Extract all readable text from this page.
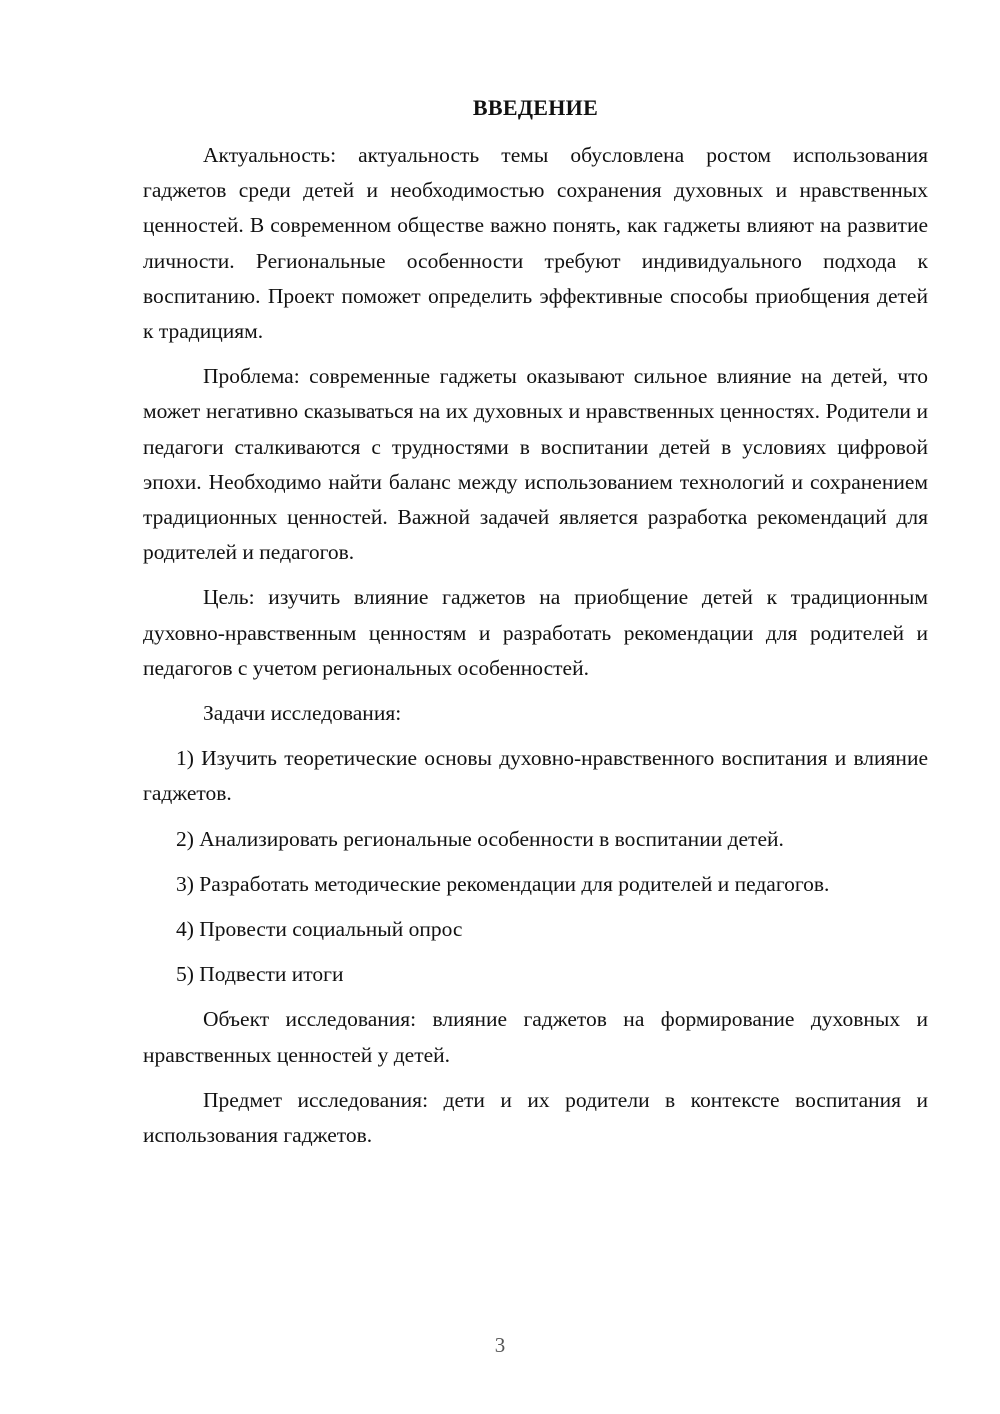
ВВЕДЕНИЕ

Актуальность: актуальность темы обусловлена ростом использования гаджетов среди детей и необходимостью сохранения духовных и нравственных ценностей. В современном обществе важно понять, как гаджеты влияют на развитие личности. Региональные особенности требуют индивидуального подхода к воспитанию. Проект поможет определить эффективные способы приобщения детей к традициям.

Проблема: современные гаджеты оказывают сильное влияние на детей, что может негативно сказываться на их духовных и нравственных ценностях. Родители и педагоги сталкиваются с трудностями в воспитании детей в условиях цифровой эпохи. Необходимо найти баланс между использованием технологий и сохранением традиционных ценностей. Важной задачей является разработка рекомендаций для родителей и педагогов.

Цель: изучить влияние гаджетов на приобщение детей к традиционным духовно-нравственным ценностям и разработать рекомендации для родителей и педагогов с учетом региональных особенностей.

Задачи исследования:

1) Изучить теоретические основы духовно-нравственного воспитания и влияние гаджетов.

2) Анализировать региональные особенности в воспитании детей.

3) Разработать методические рекомендации для родителей и педагогов.

4) Провести социальный опрос

5) Подвести итоги

Объект исследования: влияние гаджетов на формирование духовных и нравственных ценностей у детей.

Предмет исследования: дети и их родители в контексте воспитания и использования гаджетов.

3
